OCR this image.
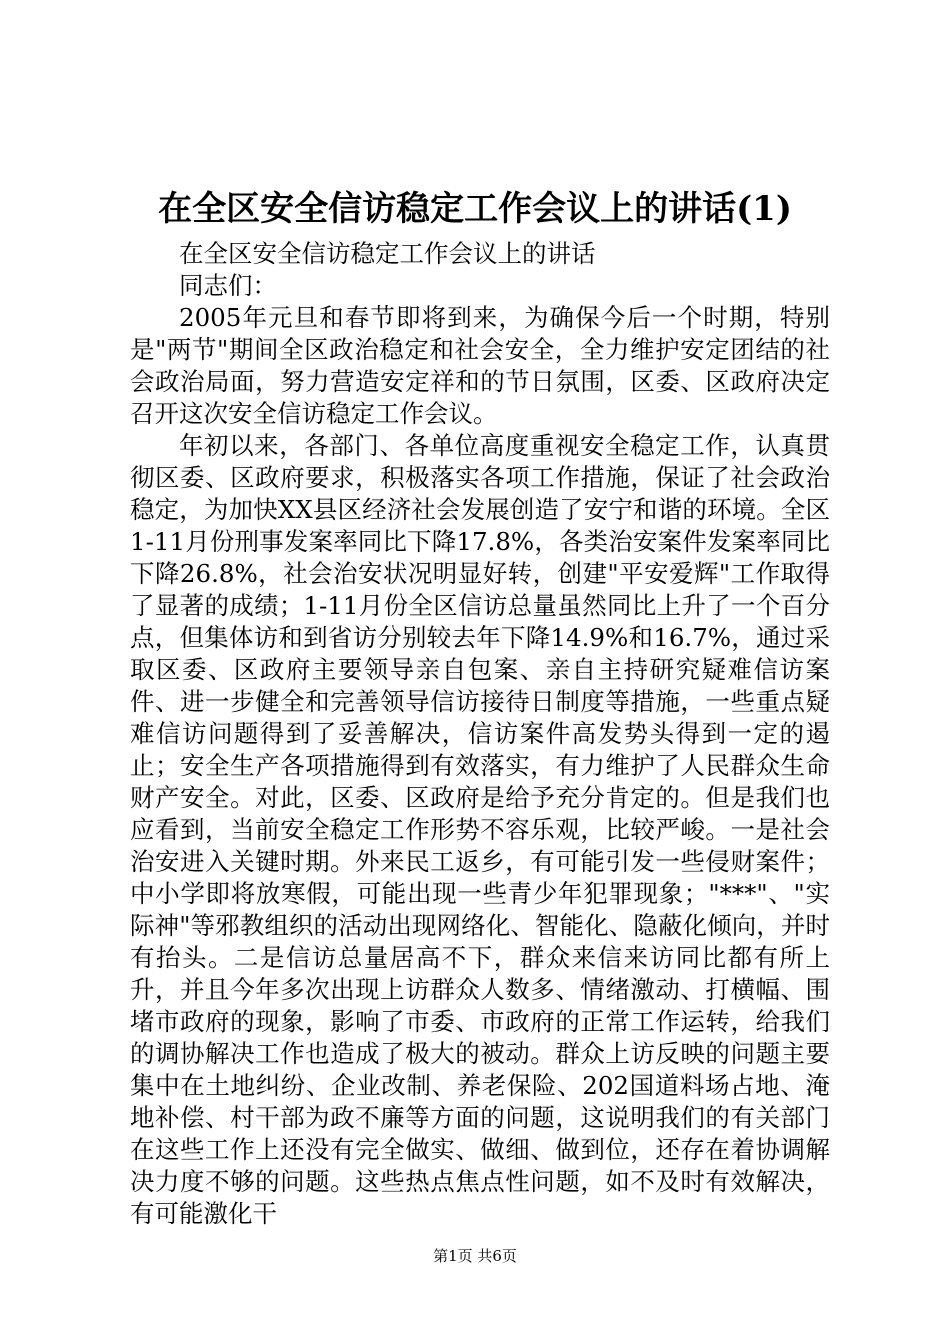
在全区安全信访稳定工作会议上的讲话(1)

在全区安全信访稳定工作会议上的讲话

同志们：

2005年元旦和春节即将到来，为确保今后一个时期，特别是"两节"期间全区政治稳定和社会安全，全力维护安定团结的社会政治局面，努力营造安定祥和的节日氛围，区委、区政府决定召开这次安全信访稳定工作会议。

年初以来，各部门、各单位高度重视安全稳定工作，认真贯彻区委、区政府要求，积极落实各项工作措施，保证了社会政治稳定，为加快XX县区经济社会发展创造了安宁和谐的环境。全区1-11月份刑事发案率同比下降17.8%，各类治安案件发案率同比下降26.8%，社会治安状况明显好转，创建"平安爱辉"工作取得了显著的成绩；1-11月份全区信访总量虽然同比上升了一个百分点，但集体访和到省访分别较去年下降14.9%和16.7%，通过采取区委、区政府主要领导亲自包案、亲自主持研究疑难信访案件、进一步健全和完善领导信访接待日制度等措施，一些重点疑难信访问题得到了妥善解决，信访案件高发势头得到一定的遏止；安全生产各项措施得到有效落实，有力维护了人民群众生命财产安全。对此，区委、区政府是给予充分肯定的。但是我们也应看到，当前安全稳定工作形势不容乐观，比较严峻。一是社会治安进入关键时期。外来民工返乡，有可能引发一些侵财案件；中小学即将放寒假，可能出现一些青少年犯罪现象；"***"、"实际神"等邪教组织的活动出现网络化、智能化、隐蔽化倾向，并时有抬头。二是信访总量居高不下，群众来信来访同比都有所上升，并且今年多次出现上访群众人数多、情绪激动、打横幅、围堵市政府的现象，影响了市委、市政府的正常工作运转，给我们的调协解决工作也造成了极大的被动。群众上访反映的问题主要集中在土地纠纷、企业改制、养老保险、202国道料场占地、淹地补偿、村干部为政不廉等方面的问题，这说明我们的有关部门在这些工作上还没有完全做实、做细、做到位，还存在着协调解决力度不够的问题。这些热点焦点性问题，如不及时有效解决，有可能激化干

第1页 共6页
